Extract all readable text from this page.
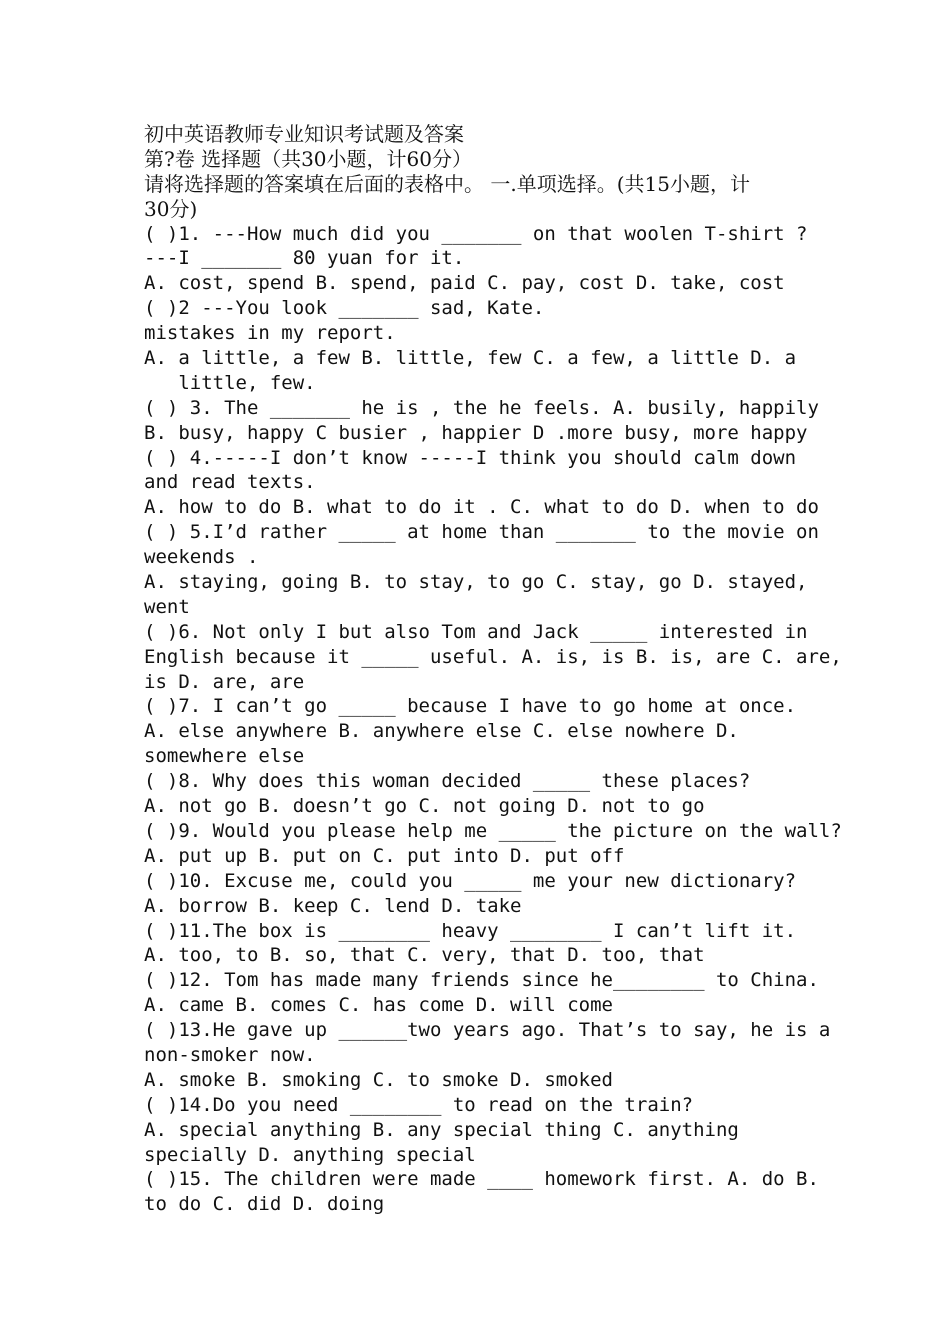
初中英语教师专业知识考试题及答案
第?卷 选择题（共30小题，计60分）
请将选择题的答案填在后面的表格中。 一.单项选择。(共15小题，计
30分)
( )1. ---How much did you _______ on that woolen T-shirt ?
---I _______ 80 yuan for it.
A. cost, spend B. spend, paid C. pay, cost D. take, cost
( )2 ---You look _______ sad, Kate.
mistakes in my report.
A. a little, a few B. little, few C. a few, a little D. a
little, few.
( ) 3. The _______ he is , the he feels. A. busily, happily
B. busy, happy C busier , happier D .more busy, more happy
( ) 4.-----I don’t know -----I think you should calm down
and read texts.
A. how to do B. what to do it . C. what to do D. when to do
( ) 5.I’d rather _____ at home than _______ to the movie on
weekends .
A. staying, going B. to stay, to go C. stay, go D. stayed,
went
( )6. Not only I but also Tom and Jack _____ interested in
English because it _____ useful. A. is, is B. is, are C. are,
is D. are, are
( )7. I can’t go _____ because I have to go home at once.
A. else anywhere B. anywhere else C. else nowhere D.
somewhere else
( )8. Why does this woman decided _____ these places?
A. not go B. doesn’t go C. not going D. not to go
( )9. Would you please help me _____ the picture on the wall?
A. put up B. put on C. put into D. put off
( )10. Excuse me, could you _____ me your new dictionary?
A. borrow B. keep C. lend D. take
( )11.The box is ________ heavy ________ I can’t lift it.
A. too, to B. so, that C. very, that D. too, that
( )12. Tom has made many friends since he________ to China.
A. came B. comes C. has come D. will come
( )13.He gave up ______two years ago. That’s to say, he is a
non-smoker now.
A. smoke B. smoking C. to smoke D. smoked
( )14.Do you need ________ to read on the train?
A. special anything B. any special thing C. anything
specially D. anything special
( )15. The children were made ____ homework first. A. do B.
to do C. did D. doing
